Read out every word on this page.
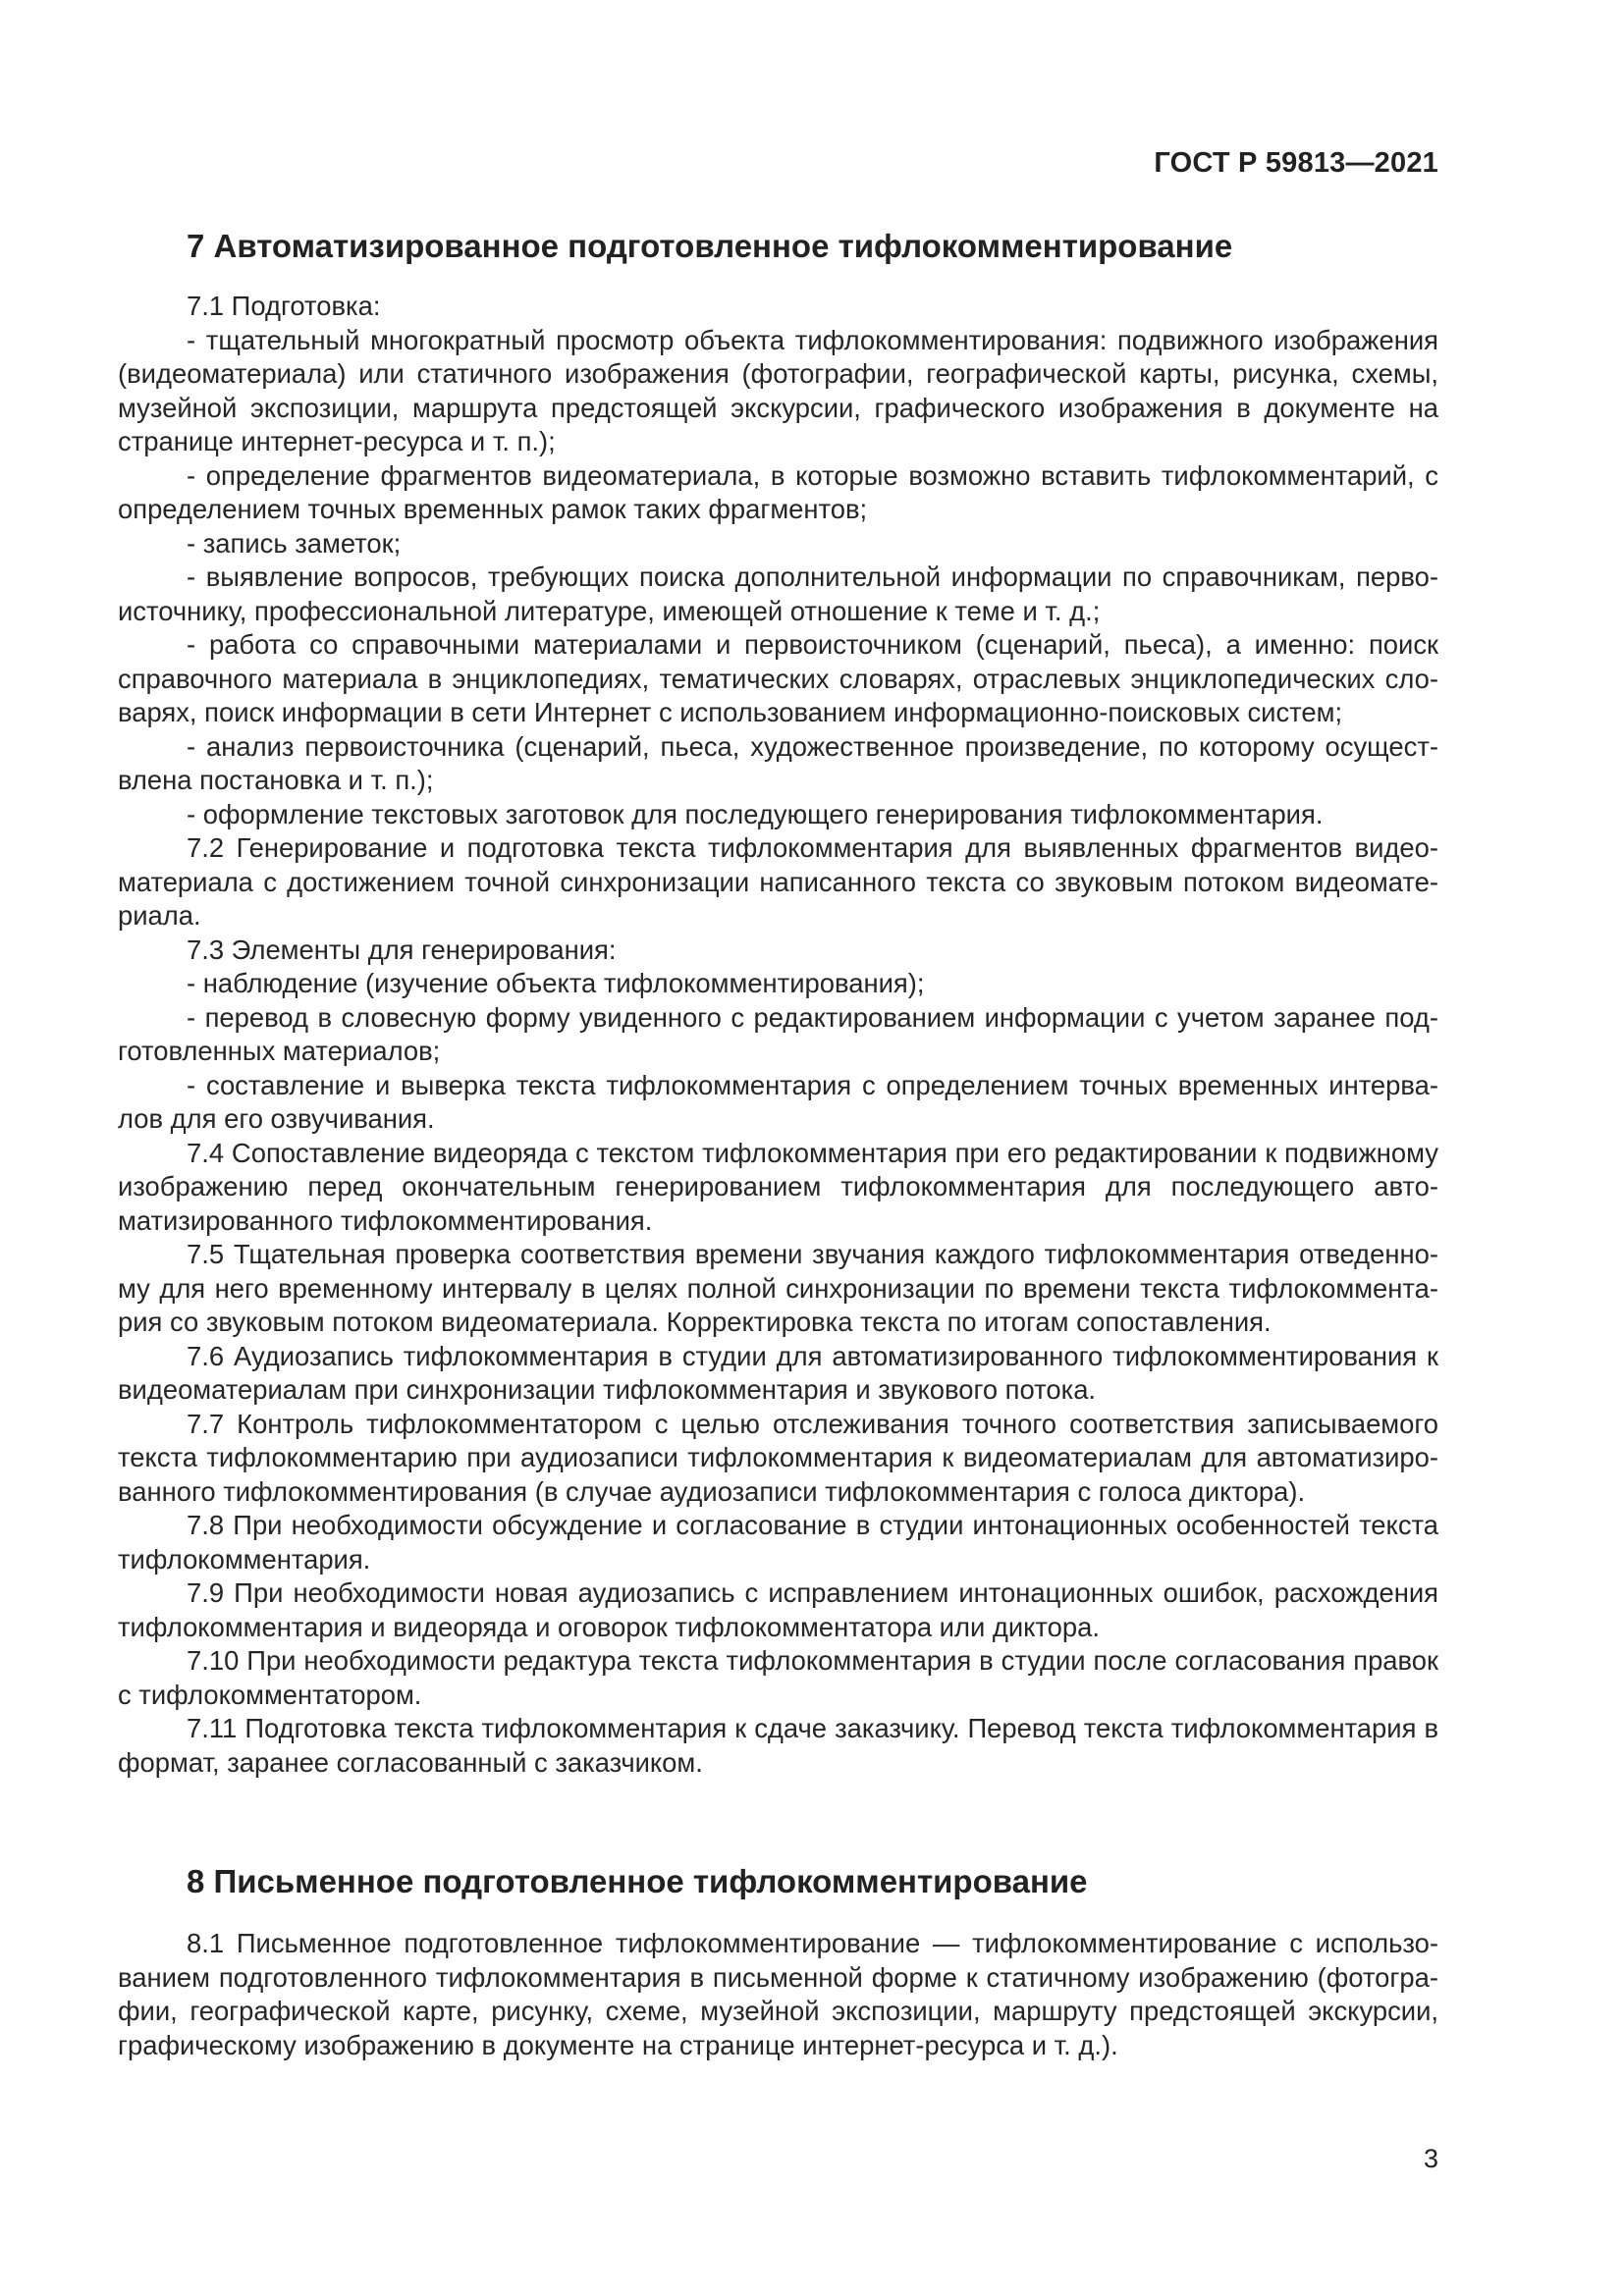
ГОСТ Р 59813—2021
7 Автоматизированное подготовленное тифлокомментирование

7.1 Подготовка:

- тщательный многократный просмотр объекта тифлокомментирования: подвижного изображения (видеоматериала) или статичного изображения (фотографии, географической карты, рисунка, схемы, музейной экспозиции, маршрута предстоящей экскурсии, графического изображения в документе на странице интернет-ресурса и т. п.);

- определение фрагментов видеоматериала, в которые возможно вставить тифлокомментарий, с определением точных временных рамок таких фрагментов;

- запись заметок;

- выявление вопросов, требующих поиска дополнительной информации по справочникам, первоисточнику, профессиональной литературе, имеющей отношение к теме и т. д.;

- работа со справочными материалами и первоисточником (сценарий, пьеса), а именно: поиск справочного материала в энциклопедиях, тематических словарях, отраслевых энциклопедических словарях, поиск информации в сети Интернет с использованием информационно-поисковых систем;

- анализ первоисточника (сценарий, пьеса, художественное произведение, по которому осуществлена постановка и т. п.);

- оформление текстовых заготовок для последующего генерирования тифлокомментария.

7.2 Генерирование и подготовка текста тифлокомментария для выявленных фрагментов видеоматериала с достижением точной синхронизации написанного текста со звуковым потоком видеоматериала.

7.3 Элементы для генерирования:

- наблюдение (изучение объекта тифлокомментирования);

- перевод в словесную форму увиденного с редактированием информации с учетом заранее подготовленных материалов;

- составление и выверка текста тифлокомментария с определением точных временных интервалов для его озвучивания.

7.4 Сопоставление видеоряда с текстом тифлокомментария при его редактировании к подвижному изображению перед окончательным генерированием тифлокомментария для последующего автоматизированного тифлокомментирования.

7.5 Тщательная проверка соответствия времени звучания каждого тифлокомментария отведенному для него временному интервалу в целях полной синхронизации по времени текста тифлокомментария со звуковым потоком видеоматериала. Корректировка текста по итогам сопоставления.

7.6 Аудиозапись тифлокомментария в студии для автоматизированного тифлокомментирования к видеоматериалам при синхронизации тифлокомментария и звукового потока.

7.7 Контроль тифлокомментатором с целью отслеживания точного соответствия записываемого текста тифлокомментарию при аудиозаписи тифлокомментария к видеоматериалам для автоматизированного тифлокомментирования (в случае аудиозаписи тифлокомментария с голоса диктора).

7.8 При необходимости обсуждение и согласование в студии интонационных особенностей текста тифлокомментария.

7.9 При необходимости новая аудиозапись с исправлением интонационных ошибок, расхождения тифлокомментария и видеоряда и оговорок тифлокомментатора или диктора.

7.10 При необходимости редактура текста тифлокомментария в студии после согласования правок с тифлокомментатором.

7.11 Подготовка текста тифлокомментария к сдаче заказчику. Перевод текста тифлокомментария в формат, заранее согласованный с заказчиком.

8 Письменное подготовленное тифлокомментирование

8.1 Письменное подготовленное тифлокомментирование — тифлокомментирование с использованием подготовленного тифлокомментария в письменной форме к статичному изображению (фотографии, географической карте, рисунку, схеме, музейной экспозиции, маршруту предстоящей экскурсии, графическому изображению в документе на странице интернет-ресурса и т. д.).

3
